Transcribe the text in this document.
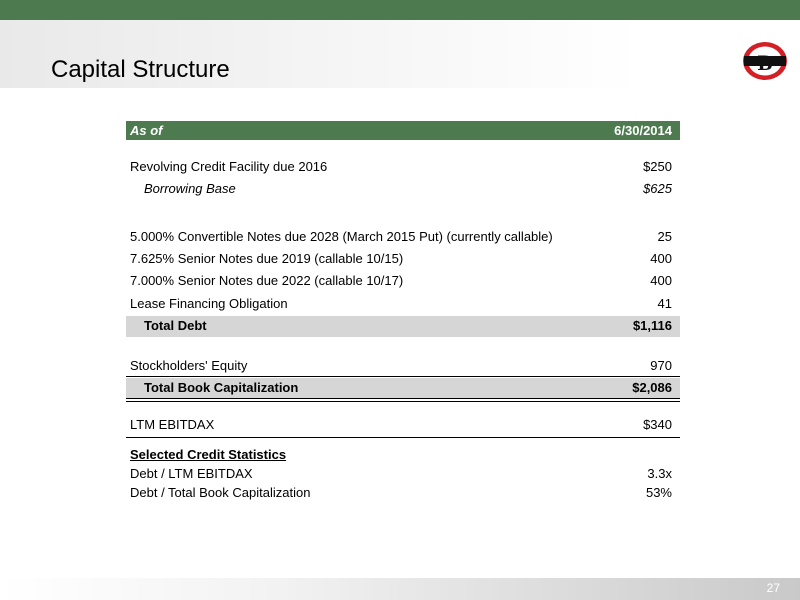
Capital Structure	B
As of	6/30/2014
Revolving Credit Facility due 2016	$250
Borrowing Base	$625
5.000% Convertible Notes due 2028 (March 2015 Put) (currently callable)	25
7.625% Senior Notes due 2019 (callable 10/15)	400
7.000% Senior Notes due 2022 (callable 10/17)	400
Lease Financing Obligation	41
Total Debt	$1,116
Stockholders' Equity	970
Total Book Capitalization	$2,086
LTM EBITDAX	$340
Selected Credit Statistics
Debt / LTM EBITDAX	3.3x
Debt / Total Book Capitalization	53%
27
